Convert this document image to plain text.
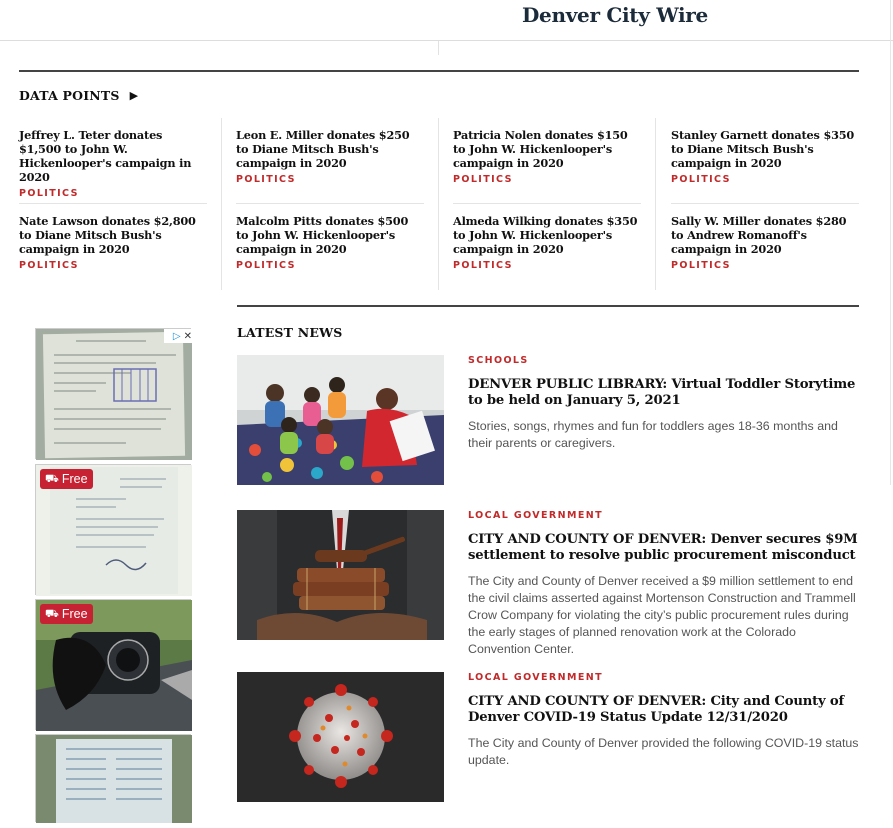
Denver City Wire
DATA POINTS ▶
Jeffrey L. Teter donates $1,500 to John W. Hickenlooper's campaign in 2020
POLITICS
Nate Lawson donates $2,800 to Diane Mitsch Bush's campaign in 2020
POLITICS
Leon E. Miller donates $250 to Diane Mitsch Bush's campaign in 2020
POLITICS
Malcolm Pitts donates $500 to John W. Hickenlooper's campaign in 2020
POLITICS
Patricia Nolen donates $150 to John W. Hickenlooper's campaign in 2020
POLITICS
Almeda Wilking donates $350 to John W. Hickenlooper's campaign in 2020
POLITICS
Stanley Garnett donates $350 to Diane Mitsch Bush's campaign in 2020
POLITICS
Sally W. Miller donates $280 to Andrew Romanoff's campaign in 2020
POLITICS
▷ ✕
⛟ Free
⛟ Free
LATEST NEWS
SCHOOLS
DENVER PUBLIC LIBRARY: Virtual Toddler Storytime to be held on January 5, 2021
Stories, songs, rhymes and fun for toddlers ages 18-36 months and their parents or caregivers.
LOCAL GOVERNMENT
CITY AND COUNTY OF DENVER: Denver secures $9M settlement to resolve public procurement misconduct
The City and County of Denver received a $9 million settlement to end the civil claims asserted against Mortenson Construction and Trammell Crow Company for violating the city’s public procurement rules during the early stages of planned renovation work at the Colorado Convention Center.
LOCAL GOVERNMENT
CITY AND COUNTY OF DENVER: City and County of Denver COVID-19 Status Update 12/31/2020
The City and County of Denver provided the following COVID-19 status update.
